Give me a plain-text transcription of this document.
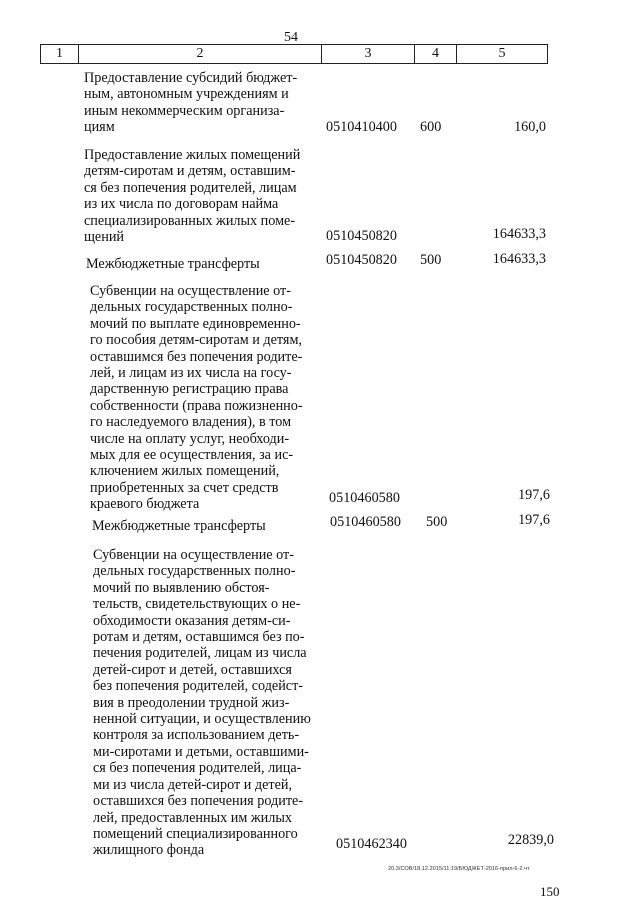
54
1	2	3	4	5
Предоставление субсидий бюджет-
ным, автономным учреждениям и
иным некоммерческим организа-
циям	0510410400 600	160,0
Предоставление жилых помещений
детям-сиротам и детям, оставшим-
ся без попечения родителей, лицам
из их числа по договорам найма
специализированных жилых поме-
щений	0510450820	164633,3
Межбюджетные трансферты	0510450820 500	164633,3
Субвенции на осуществление от-
дельных государственных полно-
мочий по выплате единовременно-
го пособия детям-сиротам и детям,
оставшимся без попечения родите-
лей, и лицам из их числа на госу-
дарственную регистрацию права
собственности (права пожизненно-
го наследуемого владения), в том
числе на оплату услуг, необходи-
мых для ее осуществления, за ис-
ключением жилых помещений,
приобретенных за счет средств
краевого бюджета	0510460580	197,6
Межбюджетные трансферты	0510460580 500	197,6
Субвенции на осуществление от-
дельных государственных полно-
мочий по выявлению обстоя-
тельств, свидетельствующих о не-
обходимости оказания детям-си-
ротам и детям, оставшимся без по-
печения родителей, лицам из числа
детей-сирот и детей, оставшихся
без попечения родителей, содейст-
вия в преодолении трудной жиз-
ненной ситуации, и осуществлению
контроля за использованием деть-
ми-сиротами и детьми, оставшими-
ся без попечения родителей, лица-
ми из числа детей-сирот и детей,
оставшихся без попечения родите-
лей, предоставленных им жилых
помещений специализированного
жилищного фонда	0510462340	22839,0
20.3/СОВ/18.12.2015/11:19/БЮДЖЕТ-2016-прил-6-2.чт
150
